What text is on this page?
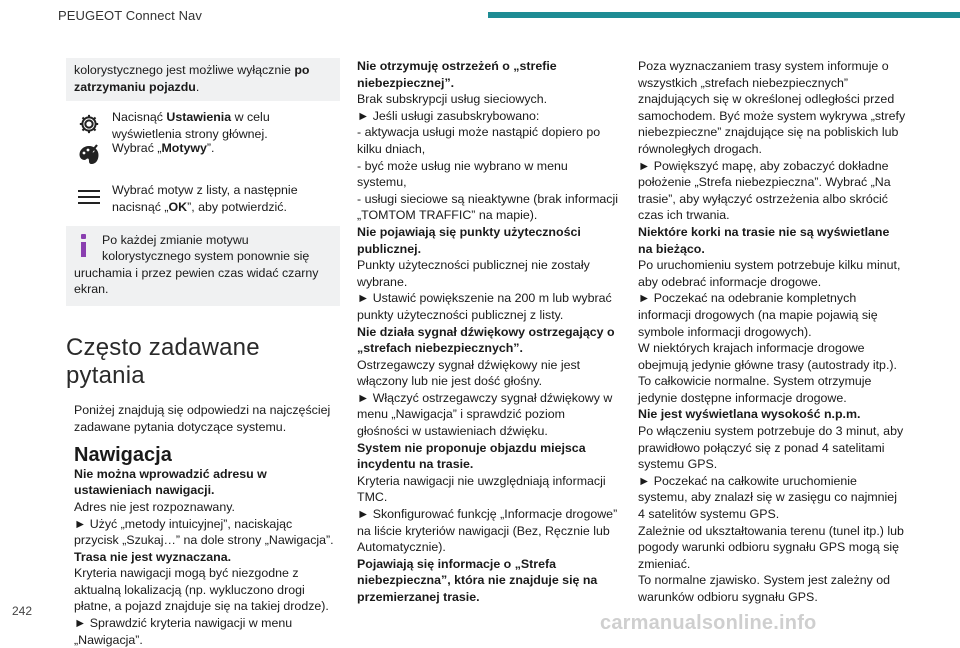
PEUGEOT Connect Nav
kolorystycznego jest możliwe wyłącznie po zatrzymaniu pojazdu.
Nacisnąć Ustawienia w celu wyświetlenia strony głównej.
Wybrać „Motywy”.
Wybrać motyw z listy, a następnie nacisnąć „OK”, aby potwierdzić.
Po każdej zmianie motywu kolorystycznego system ponownie się uruchamia i przez pewien czas widać czarny ekran.
Często zadawane pytania

Poniżej znajdują się odpowiedzi na najczęściej zadawane pytania dotyczące systemu.

Nawigacja

Nie można wprowadzić adresu w ustawieniach nawigacji.

Adres nie jest rozpoznawany.

► Użyć „metody intuicyjnej”, naciskając przycisk „Szukaj…” na dole strony „Nawigacja”.

Trasa nie jest wyznaczana.

Kryteria nawigacji mogą być niezgodne z aktualną lokalizacją (np. wykluczono drogi płatne, a pojazd znajduje się na takiej drodze).

► Sprawdzić kryteria nawigacji w menu „Nawigacja”.

Nie otrzymuję ostrzeżeń o „strefie niebezpiecznej”.

Brak subskrypcji usług sieciowych.

► Jeśli usługi zasubskrybowano:

- aktywacja usługi może nastąpić dopiero po kilku dniach,

- być może usług nie wybrano w menu systemu,

- usługi sieciowe są nieaktywne (brak informacji „TOMTOM TRAFFIC” na mapie).

Nie pojawiają się punkty użyteczności publicznej.

Punkty użyteczności publicznej nie zostały wybrane.

► Ustawić powiększenie na 200 m lub wybrać punkty użyteczności publicznej z listy.

Nie działa sygnał dźwiękowy ostrzegający o „strefach niebezpiecznych”.

Ostrzegawczy sygnał dźwiękowy nie jest włączony lub nie jest dość głośny.

► Włączyć ostrzegawczy sygnał dźwiękowy w menu „Nawigacja” i sprawdzić poziom głośności w ustawieniach dźwięku.

System nie proponuje objazdu miejsca incydentu na trasie.

Kryteria nawigacji nie uwzględniają informacji TMC.

► Skonfigurować funkcję „Informacje drogowe” na liście kryteriów nawigacji (Bez, Ręcznie lub Automatycznie).

Pojawiają się informacje o „Strefa niebezpieczna”, która nie znajduje się na przemierzanej trasie.

Poza wyznaczaniem trasy system informuje o wszystkich „strefach niebezpiecznych” znajdujących się w określonej odległości przed samochodem. Być może system wykrywa „strefy niebezpieczne” znajdujące się na pobliskich lub równoległych drogach.

► Powiększyć mapę, aby zobaczyć dokładne położenie „Strefa niebezpieczna”. Wybrać „Na trasie”, aby wyłączyć ostrzeżenia albo skrócić czas ich trwania.

Niektóre korki na trasie nie są wyświetlane na bieżąco.

Po uruchomieniu system potrzebuje kilku minut, aby odebrać informacje drogowe.

► Poczekać na odebranie kompletnych informacji drogowych (na mapie pojawią się symbole informacji drogowych).

W niektórych krajach informacje drogowe obejmują jedynie główne trasy (autostrady itp.).

To całkowicie normalne. System otrzymuje jedynie dostępne informacje drogowe.

Nie jest wyświetlana wysokość n.p.m.

Po włączeniu system potrzebuje do 3 minut, aby prawidłowo połączyć się z ponad 4 satelitami systemu GPS.

► Poczekać na całkowite uruchomienie systemu, aby znalazł się w zasięgu co najmniej 4 satelitów systemu GPS.

Zależnie od ukształtowania terenu (tunel itp.) lub pogody warunki odbioru sygnału GPS mogą się zmieniać.

To normalne zjawisko. System jest zależny od warunków odbioru sygnału GPS.

242
carmanualsonline.info
